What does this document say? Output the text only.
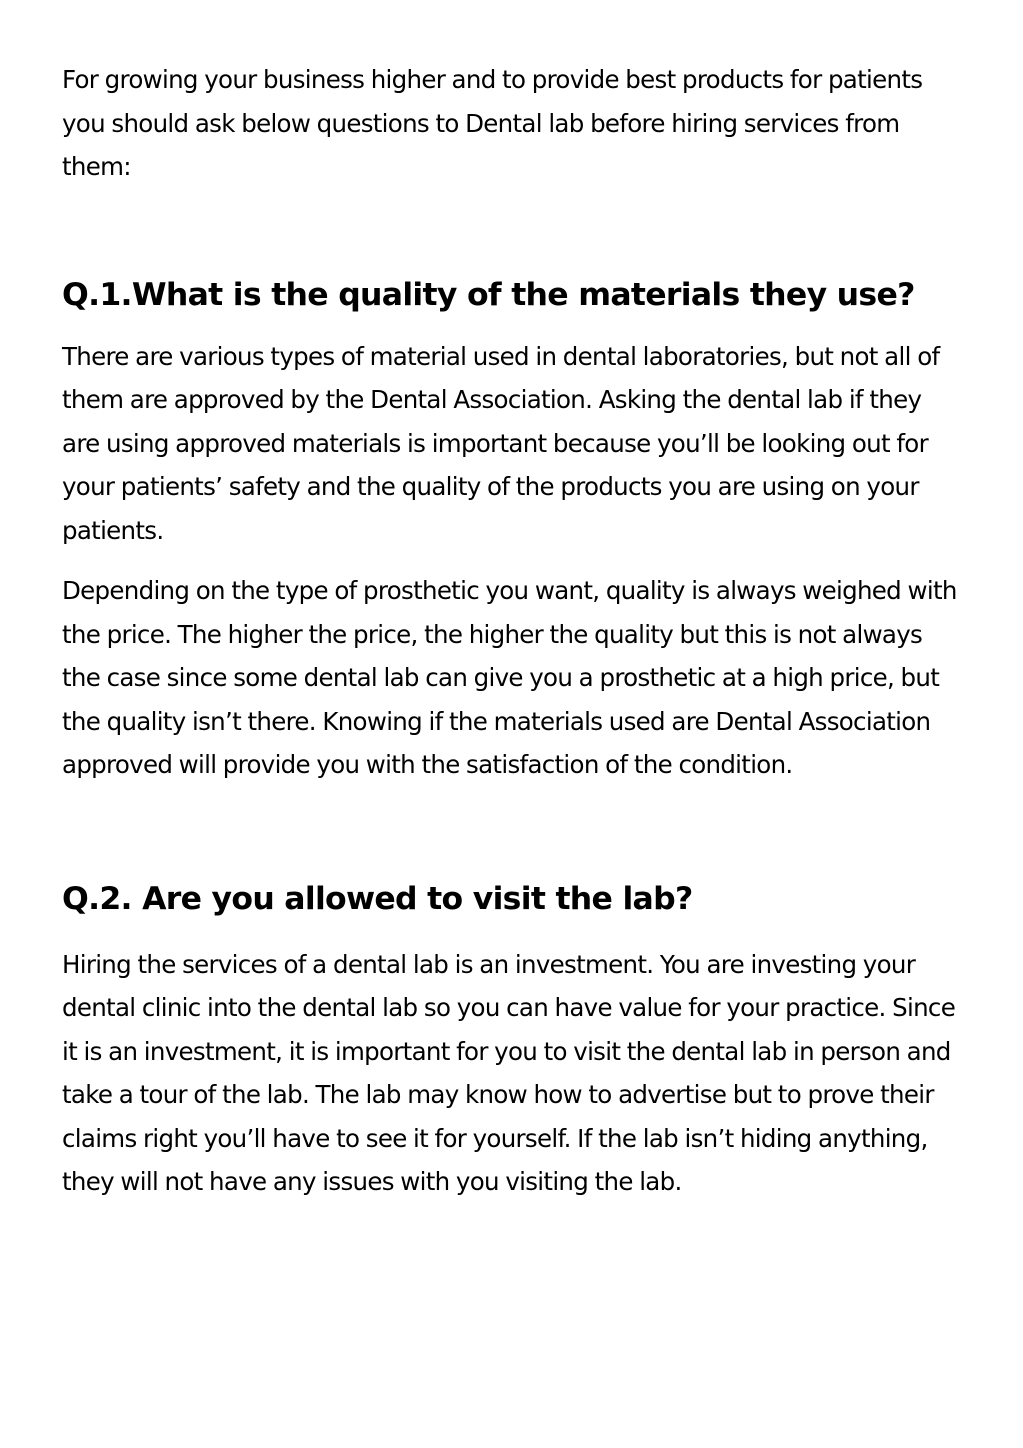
For growing your business higher and to provide best products for patients you should ask below questions to Dental lab before hiring services from them:

Q.1.What is the quality of the materials they use?

There are various types of material used in dental laboratories, but not all of them are approved by the Dental Association. Asking the dental lab if they are using approved materials is important because you’ll be looking out for your patients’ safety and the quality of the products you are using on your patients.

Depending on the type of prosthetic you want, quality is always weighed with the price. The higher the price, the higher the quality but this is not always the case since some dental lab can give you a prosthetic at a high price, but the quality isn’t there. Knowing if the materials used are Dental Association approved will provide you with the satisfaction of the condition.

Q.2. Are you allowed to visit the lab?

Hiring the services of a dental lab is an investment. You are investing your dental clinic into the dental lab so you can have value for your practice. Since it is an investment, it is important for you to visit the dental lab in person and take a tour of the lab. The lab may know how to advertise but to prove their claims right you’ll have to see it for yourself. If the lab isn’t hiding anything, they will not have any issues with you visiting the lab.
